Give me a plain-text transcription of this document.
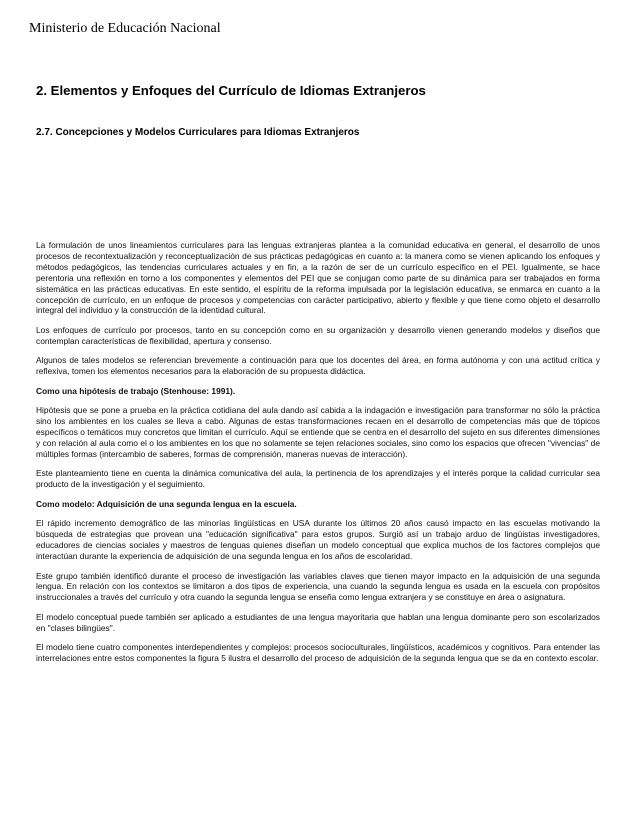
Ministerio de Educación Nacional
2. Elementos y Enfoques del Currículo de Idiomas Extranjeros
2.7. Concepciones y Modelos Curriculares para Idiomas Extranjeros

La formulación de unos lineamientos curriculares para las lenguas extranjeras plantea a la comunidad educativa en general, el desarrollo de unos procesos de recontextualización y reconceptualización de sus prácticas pedagógicas en cuanto a: la manera como se vienen aplicando los enfoques y métodos pedagógicos, las tendencias curriculares actuales y en fin, a la razón de ser de un currículo específico en el PEI. Igualmente, se hace perentoria una reflexión en torno a los componentes y elementos del PEI que se conjugan como parte de su dinámica para ser trabajados en forma sistemática en las prácticas educativas. En este sentido, el espíritu de la reforma impulsada por la legislación educativa, se enmarca en cuanto a la concepción de currículo, en un enfoque de procesos y competencias con carácter participativo, abierto y flexible y que tiene como objeto el desarrollo integral del individuo y la construcción de la identidad cultural.

Los enfoques de currículo por procesos, tanto en su concepción como en su organización y desarrollo vienen generando modelos y diseños que contemplan características de flexibilidad, apertura y consenso.

Algunos de tales modelos se referencian brevemente a continuación para que los docentes del área, en forma autónoma y con una actitud crítica y reflexiva, tomen los elementos necesarios para la elaboración de su propuesta didáctica.

Como una hipótesis de trabajo (Stenhouse: 1991).

Hipótesis que se pone a prueba en la práctica cotidiana del aula dando así cabida a la indagación e investigación para transformar no sólo la práctica sino los ambientes en los cuales se lleva a cabo. Algunas de estas transformaciones recaen en el desarrollo de competencias más que de tópicos específicos o temáticos muy concretos que limitan el currículo. Aquí se entiende que se centra en el desarrollo del sujeto en sus diferentes dimensiones y con relación al aula como el o los ambientes en los que no solamente se tejen relaciones sociales, sino como los espacios que ofrecen "vivencias" de múltiples formas (intercambio de saberes, formas de comprensión, maneras nuevas de interacción).

Este planteamiento tiene en cuenta la dinámica comunicativa del aula, la pertinencia de los aprendizajes y el interés porque la calidad curricular sea producto de la investigación y el seguimiento.

Como modelo: Adquisición de una segunda lengua en la escuela.

El rápido incremento demográfico de las minorías lingüísticas en USA durante los últimos 20 años causó impacto en las escuelas motivando la búsqueda de estrategias que provean una "educación significativa" para estos grupos. Surgió así un trabajo arduo de lingüistas investigadores, educadores de ciencias sociales y maestros de lenguas quienes diseñan un modelo conceptual que explica muchos de los factores complejos que interactúan durante la experiencia de adquisición de una segunda lengua en los años de escolaridad.

Este grupo también identificó durante el proceso de investigación las variables claves que tienen mayor impacto en la adquisición de una segunda lengua. En relación con los contextos se limitaron a dos tipos de experiencia, una cuando la segunda lengua es usada en la escuela con propósitos instruccionales a través del currículo y otra cuando la segunda lengua se enseña como lengua extranjera y se constituye en área o asignatura.

El modelo conceptual puede también ser aplicado a estudiantes de una lengua mayoritaria que hablan una lengua dominante pero son escolarizados en "clases bilingües".

El modelo tiene cuatro componentes interdependientes y complejos: procesos socioculturales, lingüísticos, académicos y cognitivos. Para entender las interrelaciones entre estos componentes la figura 5 ilustra el desarrollo del proceso de adquisición de la segunda lengua que se da en contexto escolar.
